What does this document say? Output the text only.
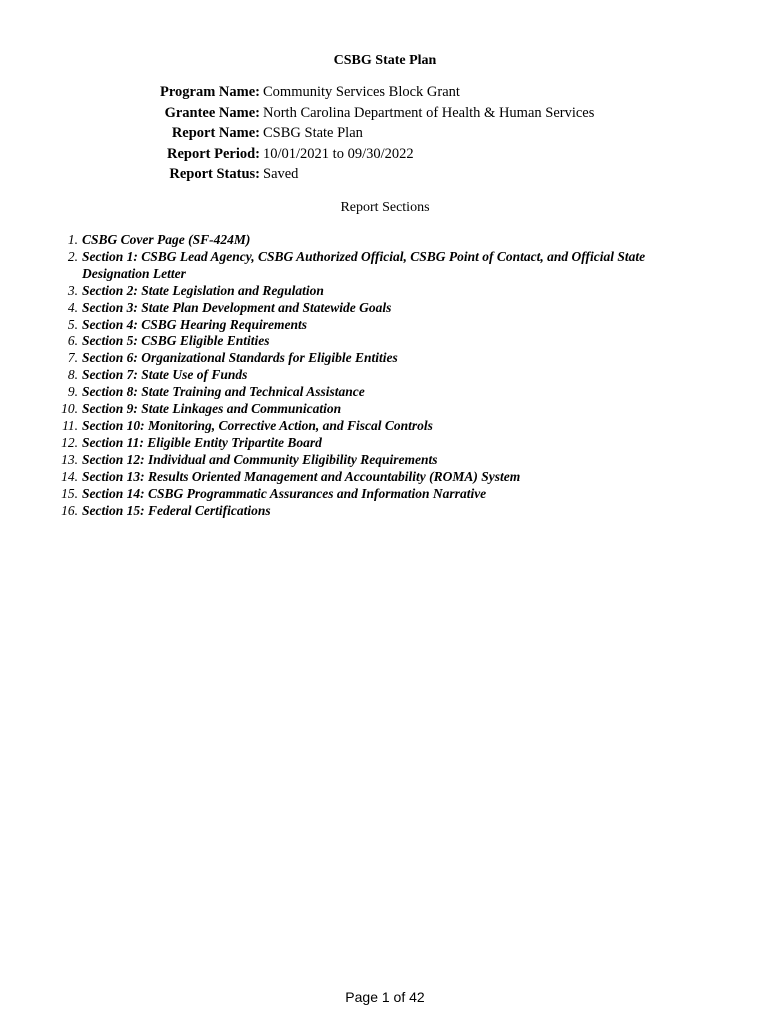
CSBG State Plan
Program Name: Community Services Block Grant
Grantee Name: North Carolina Department of Health & Human Services
Report Name: CSBG State Plan
Report Period: 10/01/2021 to 09/30/2022
Report Status: Saved
Report Sections
1. CSBG Cover Page (SF-424M)
2. Section 1: CSBG Lead Agency, CSBG Authorized Official, CSBG Point of Contact, and Official State Designation Letter
3. Section 2: State Legislation and Regulation
4. Section 3: State Plan Development and Statewide Goals
5. Section 4: CSBG Hearing Requirements
6. Section 5: CSBG Eligible Entities
7. Section 6: Organizational Standards for Eligible Entities
8. Section 7: State Use of Funds
9. Section 8: State Training and Technical Assistance
10. Section 9: State Linkages and Communication
11. Section 10: Monitoring, Corrective Action, and Fiscal Controls
12. Section 11: Eligible Entity Tripartite Board
13. Section 12: Individual and Community Eligibility Requirements
14. Section 13: Results Oriented Management and Accountability (ROMA) System
15. Section 14: CSBG Programmatic Assurances and Information Narrative
16. Section 15: Federal Certifications
Page 1 of 42
